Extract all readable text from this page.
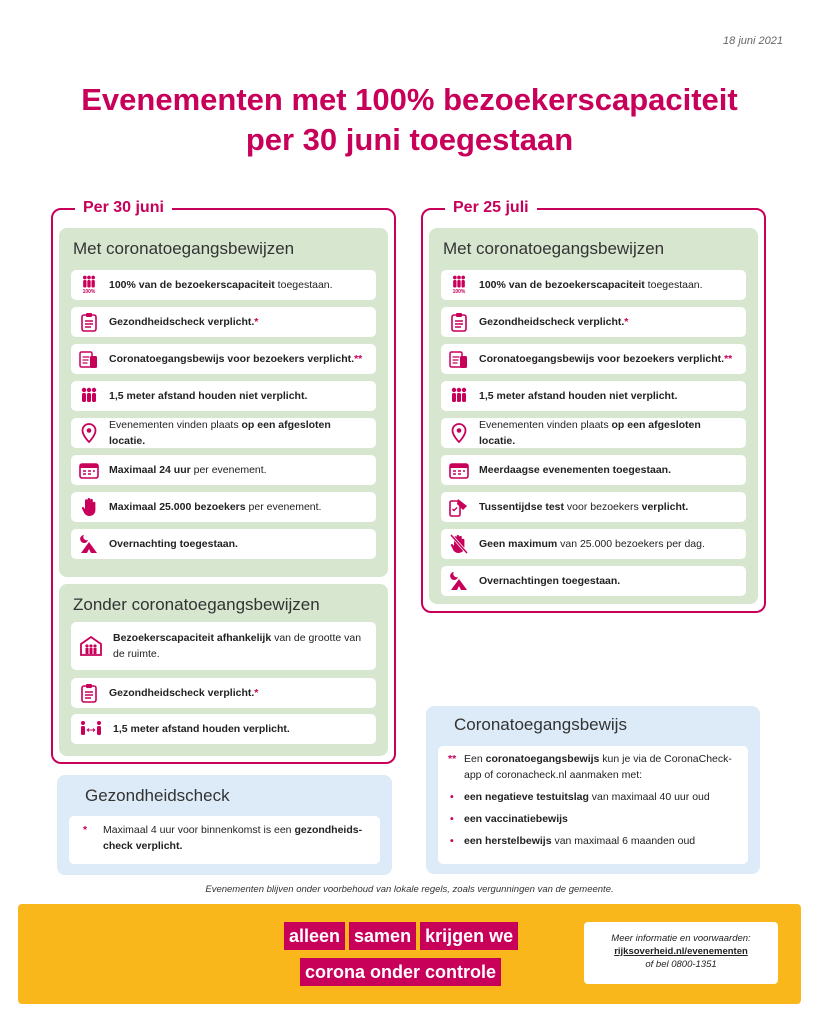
18 juni 2021
Evenementen met 100% bezoekerscapaciteit
per 30 juni toegestaan
Per 30 juni
Met coronatoegangsbewijzen
100%
100% van de bezoekerscapaciteit toegestaan.
Gezondheidscheck verplicht.*
Coronatoegangsbewijs voor bezoekers verplicht.**
1,5 meter afstand houden niet verplicht.
Evenementen vinden plaats op een afgesloten locatie.
Maximaal 24 uur per evenement.
Maximaal 25.000 bezoekers per evenement.
Overnachting toegestaan.
Zonder coronatoegangsbewijzen
Bezoekerscapaciteit afhankelijk van de grootte van de ruimte.
Gezondheidscheck verplicht.*
1,5 meter afstand houden verplicht.
Per 25 juli
Met coronatoegangsbewijzen
100%
100% van de bezoekerscapaciteit toegestaan.
Gezondheidscheck verplicht.*
Coronatoegangsbewijs voor bezoekers verplicht.**
1,5 meter afstand houden niet verplicht.
Evenementen vinden plaats op een afgesloten locatie.
Meerdaagse evenementen toegestaan.
Tussentijdse test voor bezoekers verplicht.
Geen maximum van 25.000 bezoekers per dag.
Overnachtingen toegestaan.
Gezondheidscheck
* Maximaal 4 uur voor binnenkomst is een gezondheids-check verplicht.
Coronatoegangsbewijs
** Een coronatoegangsbewijs kun je via de CoronaCheck-app of coronacheck.nl aanmaken met:
• een negatieve testuitslag van maximaal 40 uur oud
• een vaccinatiebewijs
• een herstelbewijs van maximaal 6 maanden oud
Evenementen blijven onder voorbehoud van lokale regels, zoals vergunningen van de gemeente.
alleen samen krijgen we
corona onder controle
Meer informatie en voorwaarden:
rijksoverheid.nl/evenementen
of bel 0800-1351
